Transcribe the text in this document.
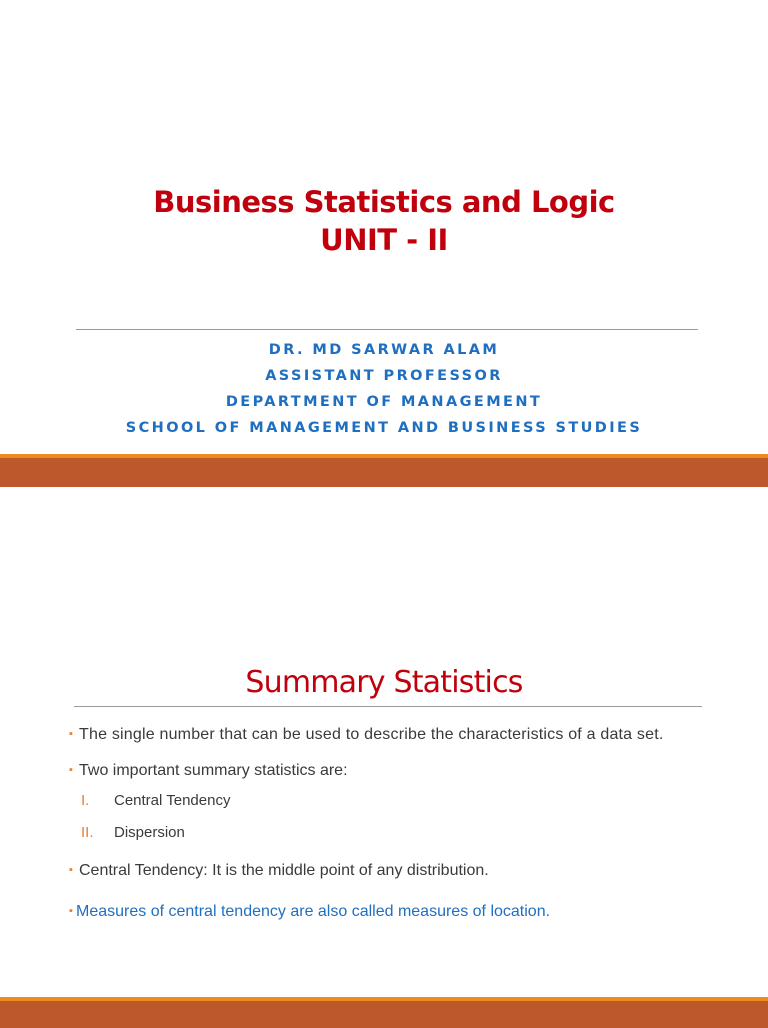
Business Statistics and Logic
UNIT - II
DR. MD SARWAR ALAM
ASSISTANT PROFESSOR
DEPARTMENT OF MANAGEMENT
SCHOOL OF MANAGEMENT AND BUSINESS STUDIES
Summary Statistics
▪ The single number that can be used to describe the characteristics of a data set.
▪ Two important summary statistics are:
I. Central Tendency
II. Dispersion
▪ Central Tendency: It is the middle point of any distribution.
▪ Measures of central tendency are also called measures of location.
